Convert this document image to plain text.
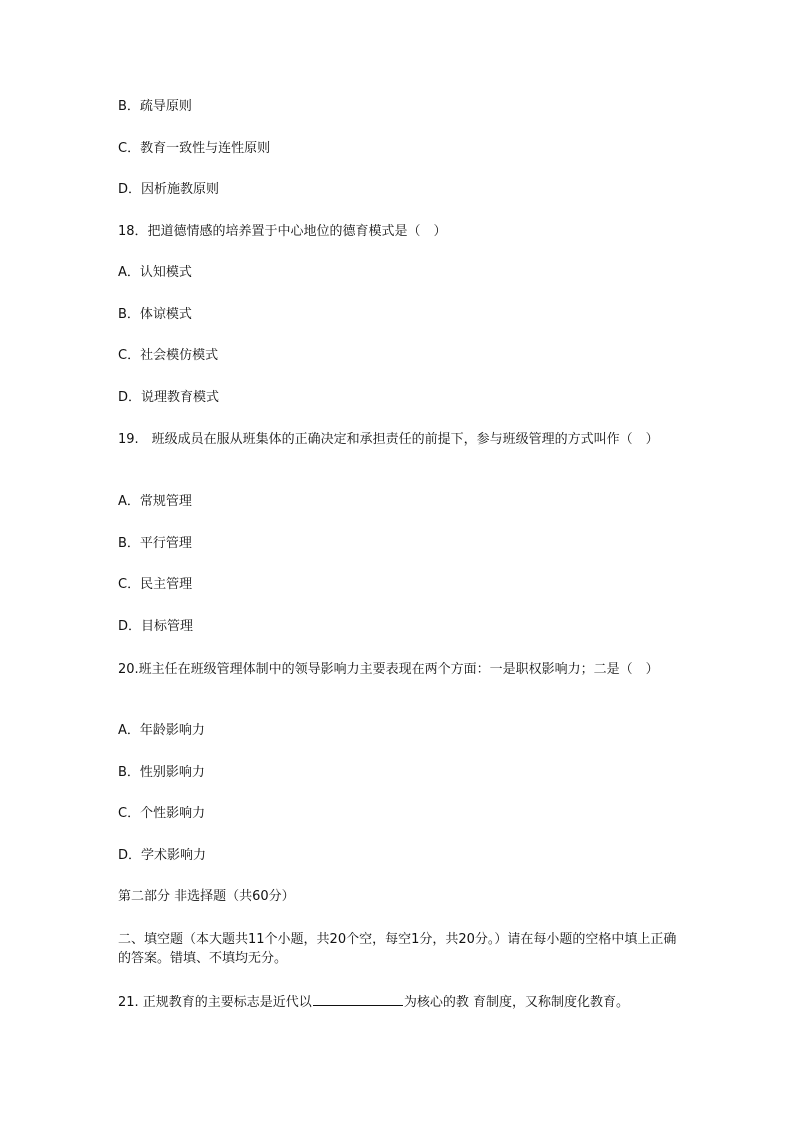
B．疏导原则
C．教育一致性与连性原则
D．因析施教原则
18．把道德情感的培养置于中心地位的德育模式是（　）
A．认知模式
B．体谅模式
C．社会模仿模式
D．说理教育模式
19.　班级成员在服从班集体的正确决定和承担责任的前提下，参与班级管理的方式叫作（　）
A．常规管理
B．平行管理
C．民主管理
D．目标管理
20.班主任在班级管理体制中的领导影响力主要表现在两个方面：一是职权影响力；二是（　）
A．年龄影响力
B．性别影响力
C．个性影响力
D．学术影响力
第二部分 非选择题（共60分）
二、填空题（本大题共11个小题，共20个空，每空1分，共20分。）请在每小题的空格中填上正确的答案。错填、不填均无分。
21. 正规教育的主要标志是近代以	为核心的教 育制度，又称制度化教育。
